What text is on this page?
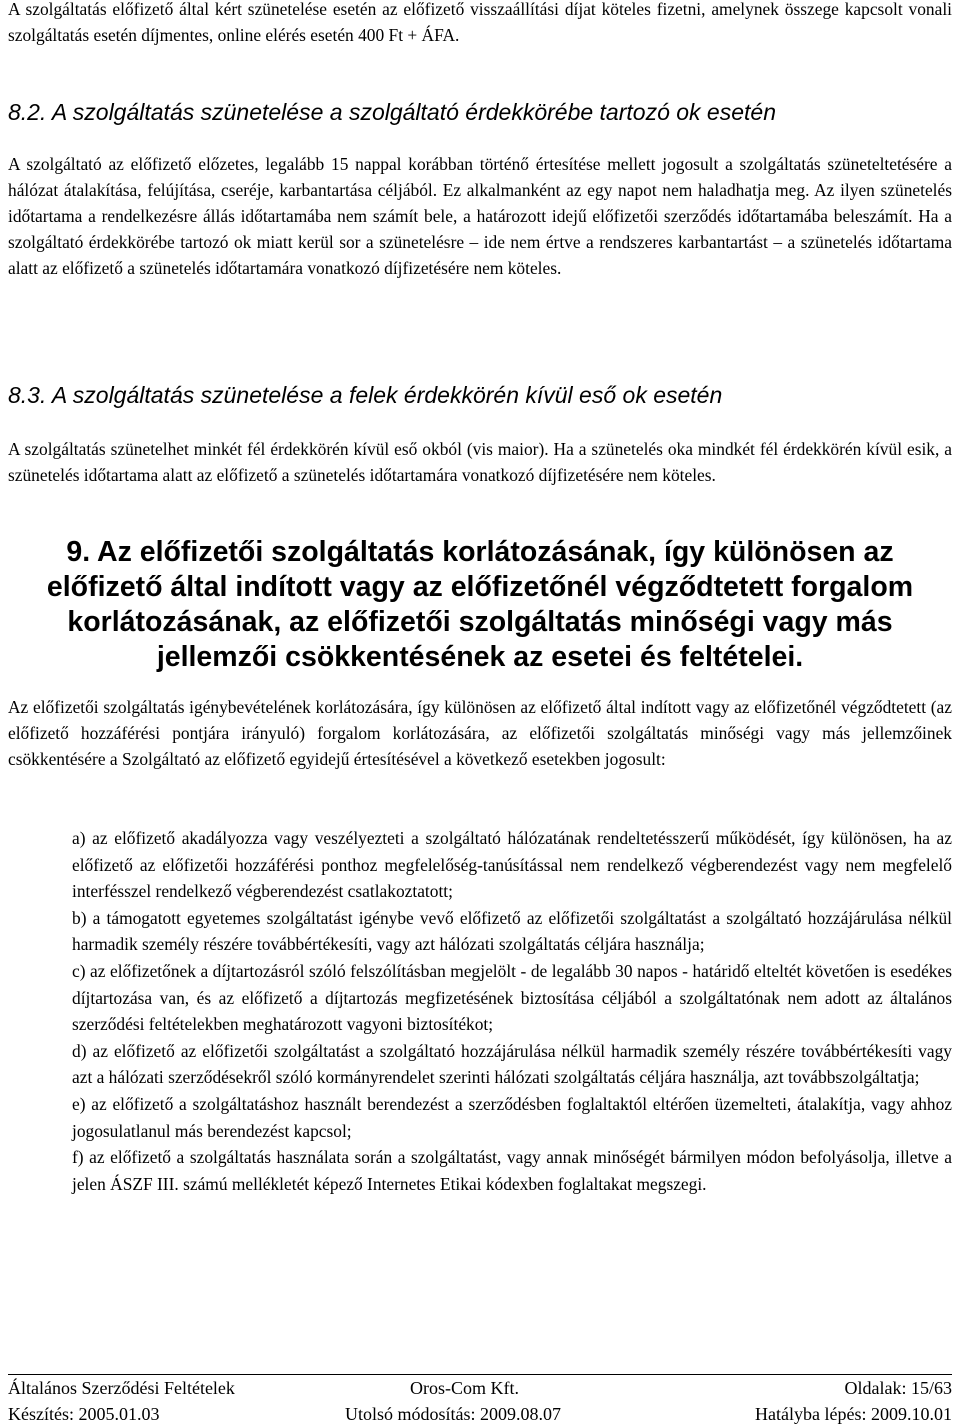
A szolgáltatás előfizető által kért szünetelése esetén az előfizető visszaállítási díjat köteles fizetni, amelynek összege kapcsolt vonali szolgáltatás esetén díjmentes, online elérés esetén 400 Ft + ÁFA.

8.2. A szolgáltatás szünetelése a szolgáltató érdekkörébe tartozó ok esetén

A szolgáltató az előfizető előzetes, legalább 15 nappal korábban történő értesítése mellett jogosult a szolgáltatás szüneteltetésére a hálózat átalakítása, felújítása, cseréje, karbantartása céljából. Ez alkalmanként az egy napot nem haladhatja meg. Az ilyen szünetelés időtartama a rendelkezésre állás időtartamába nem számít bele, a határozott idejű előfizetői szerződés időtartamába beleszámít. Ha a szolgáltató érdekkörébe tartozó ok miatt kerül sor a szünetelésre – ide nem értve a rendszeres karbantartást – a szünetelés időtartama alatt az előfizető a szünetelés időtartamára vonatkozó díjfizetésére nem köteles.

8.3. A szolgáltatás szünetelése a felek érdekkörén kívül eső ok esetén

A szolgáltatás szünetelhet minkét fél érdekkörén kívül eső okból (vis maior). Ha a szünetelés oka mindkét fél érdekkörén kívül esik, a szünetelés időtartama alatt az előfizető a szünetelés időtartamára vonatkozó díjfizetésére nem köteles.

9. Az előfizetői szolgáltatás korlátozásának, így különösen az előfizető által indított vagy az előfizetőnél végződtetett forgalom korlátozásának, az előfizetői szolgáltatás minőségi vagy más jellemzői csökkentésének az esetei és feltételei.

Az előfizetői szolgáltatás igénybevételének korlátozására, így különösen az előfizető által indított vagy az előfizetőnél végződtetett (az előfizető hozzáférési pontjára irányuló) forgalom korlátozására, az előfizetői szolgáltatás minőségi vagy más jellemzőinek csökkentésére a Szolgáltató az előfizető egyidejű értesítésével a következő esetekben jogosult:

a) az előfizető akadályozza vagy veszélyezteti a szolgáltató hálózatának rendeltetésszerű működését, így különösen, ha az előfizető az előfizetői hozzáférési ponthoz megfelelőség-tanúsítással nem rendelkező végberendezést vagy nem megfelelő interfésszel rendelkező végberendezést csatlakoztatott;

b) a támogatott egyetemes szolgáltatást igénybe vevő előfizető az előfizetői szolgáltatást a szolgáltató hozzájárulása nélkül harmadik személy részére továbbértékesíti, vagy azt hálózati szolgáltatás céljára használja;

c) az előfizetőnek a díjtartozásról szóló felszólításban megjelölt - de legalább 30 napos - határidő elteltét követően is esedékes díjtartozása van, és az előfizető a díjtartozás megfizetésének biztosítása céljából a szolgáltatónak nem adott az általános szerződési feltételekben meghatározott vagyoni biztosítékot;

d) az előfizető az előfizetői szolgáltatást a szolgáltató hozzájárulása nélkül harmadik személy részére továbbértékesíti vagy azt a hálózati szerződésekről szóló kormányrendelet szerinti hálózati szolgáltatás céljára használja, azt továbbszolgáltatja;

e) az előfizető a szolgáltatáshoz használt berendezést a szerződésben foglaltaktól eltérően üzemelteti, átalakítja, vagy ahhoz jogosulatlanul más berendezést kapcsol;

f) az előfizető a szolgáltatás használata során a szolgáltatást, vagy annak minőségét bármilyen módon befolyásolja, illetve a jelen ÁSZF III. számú mellékletét képező Internetes Etikai kódexben foglaltakat megszegi.

Általános Szerződési Feltételek	Oros-Com Kft.	Oldalak: 15/63
Készítés: 2005.01.03	Utolsó módosítás: 2009.08.07	Hatályba lépés: 2009.10.01
